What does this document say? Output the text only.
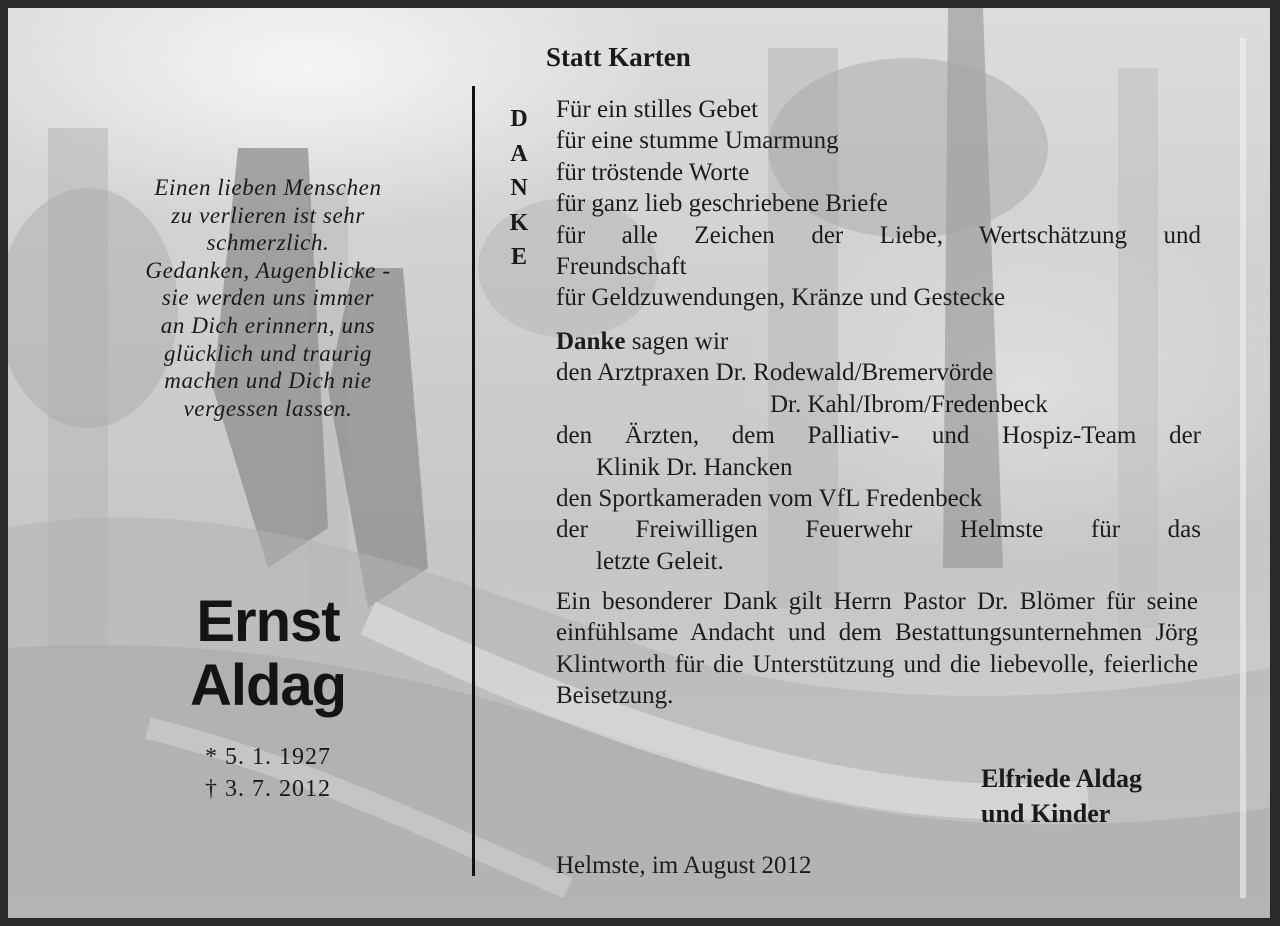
Einen lieben Menschen
zu verlieren ist sehr
schmerzlich.
Gedanken, Augenblicke -
sie werden uns immer
an Dich erinnern, uns
glücklich und traurig
machen und Dich nie
vergessen lassen.
Ernst
Aldag
* 5. 1. 1927
† 3. 7. 2012
Statt Karten
D
A
N
K
E
Für ein stilles Gebet
für eine stumme Umarmung
für tröstende Worte
für ganz lieb geschriebene Briefe
für alle Zeichen der Liebe, Wertschätzung und
Freundschaft
für Geldzuwendungen, Kränze und Gestecke
Danke sagen wir
den Arztpraxen Dr. Rodewald/Bremervörde
Dr. Kahl/Ibrom/Fredenbeck
den Ärzten, dem Palliativ- und Hospiz-Team der
Klinik Dr. Hancken
den Sportkameraden vom VfL Fredenbeck
der Freiwilligen Feuerwehr Helmste für das
letzte Geleit.
Ein besonderer Dank gilt Herrn Pastor Dr. Blömer für seine einfühlsame Andacht und dem Bestattungsunternehmen Jörg Klintworth für die Unterstützung und die liebevolle, feierliche Beisetzung.
Elfriede Aldag
und Kinder
Helmste, im August 2012
